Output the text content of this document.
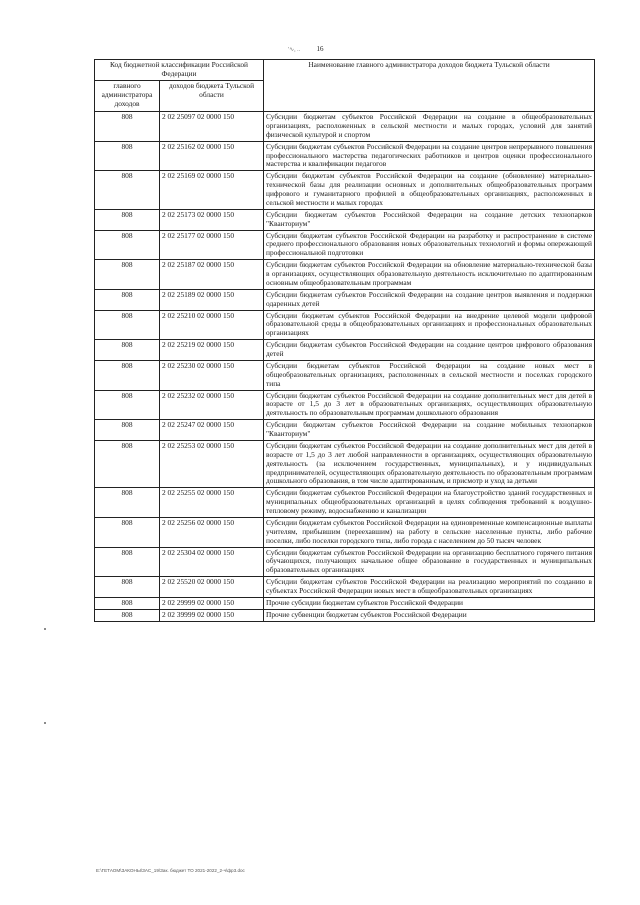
16
'∿, ..
Код бюджетной классификации Российской Федерации		Наименование главного администратора доходов бюджета Тульской области
главного администратора доходов	доходов бюджета Тульской области	
808	2 02 25097 02 0000 150	Субсидии бюджетам субъектов Российской Федерации на создание в общеобразовательных организациях, расположенных в сельской местности и малых городах, условий для занятий физической культурой и спортом
808	2 02 25162 02 0000 150	Субсидии бюджетам субъектов Российской Федерации на создание центров непрерывного повышения профессионального мастерства педагогических работников и центров оценки профессионального мастерства и квалификации педагогов
808	2 02 25169 02 0000 150	Субсидии бюджетам субъектов Российской Федерации на создание (обновление) материально-технической базы для реализации основных и дополнительных общеобразовательных программ цифрового и гуманитарного профилей в общеобразовательных организациях, расположенных в сельской местности и малых городах
808	2 02 25173 02 0000 150	Субсидии бюджетам субъектов Российской Федерации на создание детских технопарков "Кванториум"
808	2 02 25177 02 0000 150	Субсидии бюджетам субъектов Российской Федерации на разработку и распространение в системе среднего профессионального образования новых образовательных технологий и формы опережающей профессиональной подготовки
808	2 02 25187 02 0000 150	Субсидии бюджетам субъектов Российской Федерации на обновление материально-технической базы в организациях, осуществляющих образовательную деятельность исключительно по адаптированным основным общеобразовательным программам
808	2 02 25189 02 0000 150	Субсидии бюджетам субъектов Российской Федерации на создание центров выявления и поддержки одаренных детей
808	2 02 25210 02 0000 150	Субсидии бюджетам субъектов Российской Федерации на внедрение целевой модели цифровой образовательной среды в общеобразовательных организациях и профессиональных образовательных организациях
808	2 02 25219 02 0000 150	Субсидии бюджетам субъектов Российской Федерации на создание центров цифрового образования детей
808	2 02 25230 02 0000 150	Субсидии бюджетам субъектов Российской Федерации на создание новых мест в общеобразовательных организациях, расположенных в сельской местности и поселках городского типа
808	2 02 25232 02 0000 150	Субсидии бюджетам субъектов Российской Федерации на создание дополнительных мест для детей в возрасте от 1,5 до 3 лет в образовательных организациях, осуществляющих образовательную деятельность по образовательным программам дошкольного образования
808	2 02 25247 02 0000 150	Субсидии бюджетам субъектов Российской Федерации на создание мобильных технопарков "Кванториум"
808	2 02 25253 02 0000 150	Субсидии бюджетам субъектов Российской Федерации на создание дополнительных мест для детей в возрасте от 1,5 до 3 лет любой направленности в организациях, осуществляющих образовательную деятельность (за исключением государственных, муниципальных), и у индивидуальных предпринимателей, осуществляющих образовательную деятельность по образовательным программам дошкольного образования, в том числе адаптированным, и присмотр и уход за детьми
808	2 02 25255 02 0000 150	Субсидии бюджетам субъектов Российской Федерации на благоустройство зданий государственных и муниципальных общеобразовательных организаций в целях соблюдения требований к воздушно-тепловому режиму, водоснабжению и канализации
808	2 02 25256 02 0000 150	Субсидии бюджетам субъектов Российской Федерации на единовременные компенсационные выплаты учителям, прибывшим (переехавшим) на работу в сельские населенные пункты, либо рабочие поселки, либо поселки городского типа, либо города с населением до 50 тысяч человек
808	2 02 25304 02 0000 150	Субсидии бюджетам субъектов Российской Федерации на организацию бесплатного горячего питания обучающихся, получающих начальное общее образование в государственных и муниципальных образовательных организациях
808	2 02 25520 02 0000 150	Субсидии бюджетам субъектов Российской Федерации на реализацию мероприятий по созданию в субъектах Российской Федерации новых мест в общеобразовательных организациях
808	2 02 29999 02 0000 150	Прочие субсидии бюджетам субъектов Российской Федерации
808	2 02 39999 02 0000 150	Прочие субвенции бюджетам субъектов Российской Федерации
E:\ГЕТАОМ\ЗАКОНЫ\ЗАС_19\Зак. бюджет ТО 2021-2022_2-ч\фр3.doc
